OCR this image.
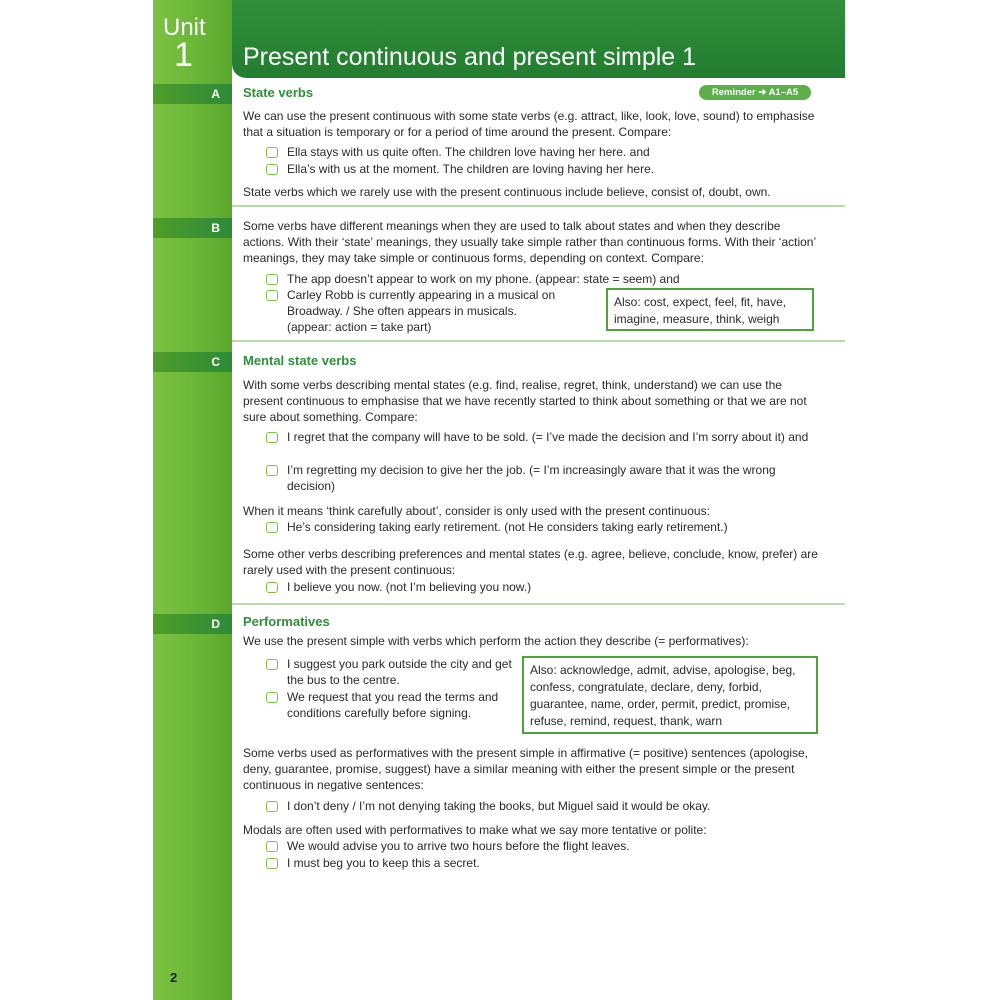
Unit
1 Present continuous and present simple 1
A	State verbs	Reminder ➔ A1–A5
We can use the present continuous with some state verbs (e.g. attract, like, look, love, sound) to emphasise that a situation is temporary or for a period of time around the present. Compare:
Ella stays with us quite often. The children love having her here. and
Ella’s with us at the moment. The children are loving having her here.
State verbs which we rarely use with the present continuous include believe, consist of, doubt, own.
B	Some verbs have different meanings when they are used to talk about states and when they describe actions. With their ‘state’ meanings, they usually take simple rather than continuous forms. With their ‘action’ meanings, they may take simple or continuous forms, depending on context. Compare:
The app doesn’t appear to work on my phone. (appear: state = seem) and
Carley Robb is currently appearing in a musical on Broadway. / She often appears in musicals. (appear: action = take part)
Also: cost, expect, feel, fit, have, imagine, measure, think, weigh
C	Mental state verbs
With some verbs describing mental states (e.g. find, realise, regret, think, understand) we can use the present continuous to emphasise that we have recently started to think about something or that we are not sure about something. Compare:
I regret that the company will have to be sold. (= I’ve made the decision and I’m sorry about it) and
I’m regretting my decision to give her the job. (= I’m increasingly aware that it was the wrong decision)
When it means ‘think carefully about’, consider is only used with the present continuous:
He’s considering taking early retirement. (not He considers taking early retirement.)
Some other verbs describing preferences and mental states (e.g. agree, believe, conclude, know, prefer) are rarely used with the present continuous:
I believe you now. (not I’m believing you now.)
D	Performatives
We use the present simple with verbs which perform the action they describe (= performatives):
I suggest you park outside the city and get the bus to the centre.
We request that you read the terms and conditions carefully before signing.
Also: acknowledge, admit, advise, apologise, beg, confess, congratulate, declare, deny, forbid, guarantee, name, order, permit, predict, promise, refuse, remind, request, thank, warn
Some verbs used as performatives with the present simple in affirmative (= positive) sentences (apologise, deny, guarantee, promise, suggest) have a similar meaning with either the present simple or the present continuous in negative sentences:
I don’t deny / I’m not denying taking the books, but Miguel said it would be okay.
Modals are often used with performatives to make what we say more tentative or polite:
We would advise you to arrive two hours before the flight leaves.
I must beg you to keep this a secret.
2
